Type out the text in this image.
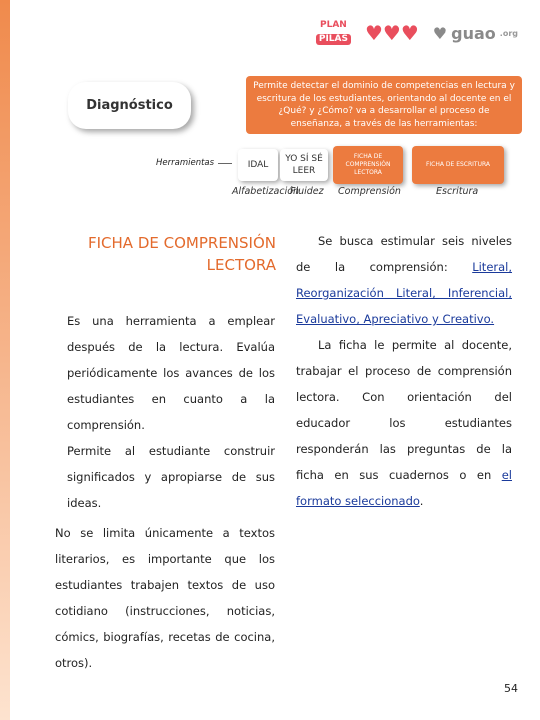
PLAN
PILAS ♥♥♥ ♥ guao .org
Diagnóstico
Permite detectar el dominio de competencias en lectura y escritura de los estudiantes, orientando al docente en el ¿Qué? y ¿Cómo? va a desarrollar el proceso de enseñanza, a través de las herramientas:
Herramientas	IDAL
YO SÍ SÉ LEER
FICHA DE COMPRENSIÓN LECTORA
FICHA DE ESCRITURA
Alfabetización
Fluidez Comprensión	Escritura
FICHA DE COMPRENSIÓN
LECTORA
Es una herramienta a emplear después de la lectura. Evalúa periódicamente los avances de los estudiantes en cuanto a la comprensión.
Permite al estudiante construir significados y apropiarse de sus ideas.
No se limita únicamente a textos literarios, es importante que los estudiantes trabajen textos de uso cotidiano (instrucciones, noticias, cómics, biografías, recetas de cocina, otros).
Se busca estimular seis niveles de la comprensión: Literal, Reorganización Literal, Inferencial, Evaluativo, Apreciativo y Creativo.
La ficha le permite al docente, trabajar el proceso de comprensión lectora. Con orientación del educador los estudiantes responderán las preguntas de la ficha en sus cuadernos o en el formato seleccionado.
54
